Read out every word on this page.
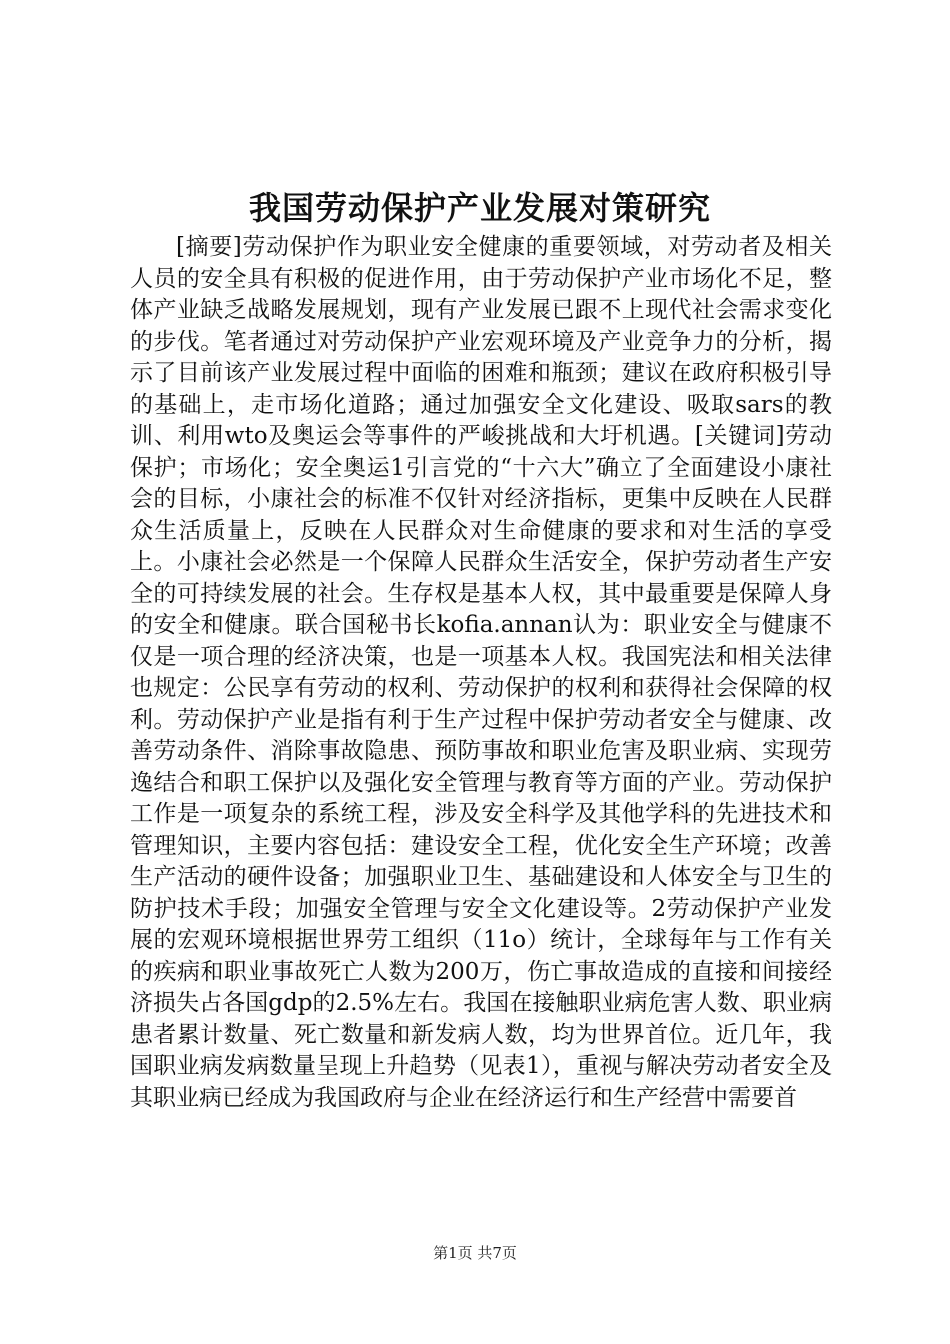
我国劳动保护产业发展对策研究

[摘要]劳动保护作为职业安全健康的重要领域，对劳动者及相关人员的安全具有积极的促进作用，由于劳动保护产业市场化不足，整体产业缺乏战略发展规划，现有产业发展已跟不上现代社会需求变化的步伐。笔者通过对劳动保护产业宏观环境及产业竞争力的分析，揭示了目前该产业发展过程中面临的困难和瓶颈；建议在政府积极引导的基础上，走市场化道路；通过加强安全文化建设、吸取sars的教训、利用wto及奥运会等事件的严峻挑战和大圩机遇。[关键词]劳动保护；市场化；安全奥运1引言党的“十六大”确立了全面建设小康社会的目标，小康社会的标准不仅针对经济指标，更集中反映在人民群众生活质量上，反映在人民群众对生命健康的要求和对生活的享受上。小康社会必然是一个保障人民群众生活安全，保护劳动者生产安全的可持续发展的社会。生存权是基本人权，其中最重要是保障人身的安全和健康。联合国秘书长kofia.annan认为：职业安全与健康不仅是一项合理的经济决策，也是一项基本人权。我国宪法和相关法律也规定：公民享有劳动的权利、劳动保护的权利和获得社会保障的权利。劳动保护产业是指有利于生产过程中保护劳动者安全与健康、改善劳动条件、消除事故隐患、预防事故和职业危害及职业病、实现劳逸结合和职工保护以及强化安全管理与教育等方面的产业。劳动保护工作是一项复杂的系统工程，涉及安全科学及其他学科的先进技术和管理知识，主要内容包括：建设安全工程，优化安全生产环境；改善生产活动的硬件设备；加强职业卫生、基础建设和人体安全与卫生的防护技术手段；加强安全管理与安全文化建设等。2劳动保护产业发展的宏观环境根据世界劳工组织（11o）统计，全球每年与工作有关的疾病和职业事故死亡人数为200万，伤亡事故造成的直接和间接经济损失占各国gdp的2.5%左右。我国在接触职业病危害人数、职业病患者累计数量、死亡数量和新发病人数，均为世界首位。近几年，我国职业病发病数量呈现上升趋势（见表1），重视与解决劳动者安全及其职业病已经成为我国政府与企业在经济运行和生产经营中需要首

第1页 共7页
